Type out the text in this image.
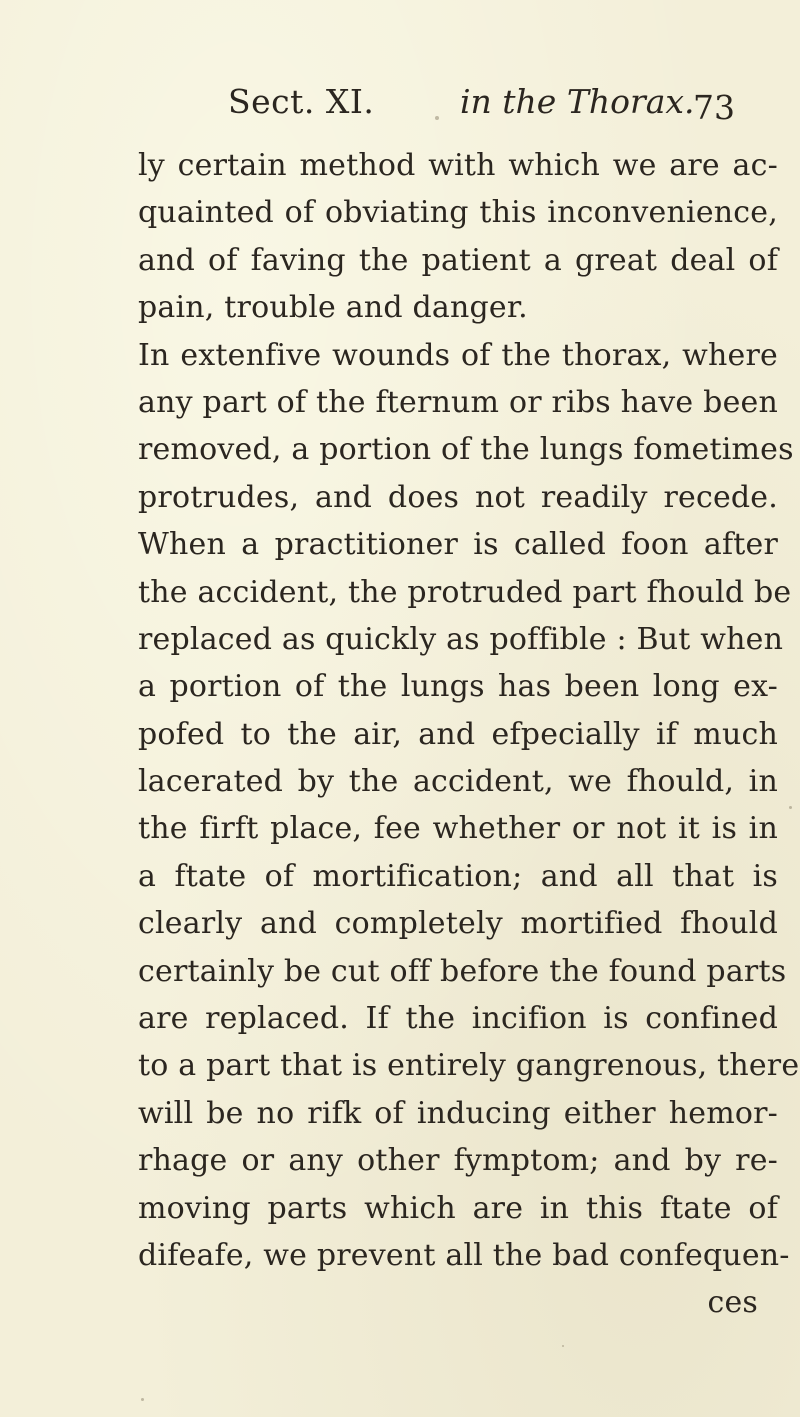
Sect. XI.	in the Thorax.
73
ly certain method with which we are ac-
quainted of obviating this inconvenience,
and of faving the patient a great deal of
pain, trouble and danger.
In extenfive wounds of the thorax, where
any part of the fternum or ribs have been
removed, a portion of the lungs fometimes
protrudes, and does not readily recede.
When a practitioner is called foon after
the accident, the protruded part fhould be
replaced as quickly as poffible : But when
a portion of the lungs has been long ex-
pofed to the air, and efpecially if much
lacerated by the accident, we fhould, in
the firft place, fee whether or not it is in
a ftate of mortification; and all that is
clearly and completely mortified fhould
certainly be cut off before the found parts
are replaced. If the incifion is confined
to a part that is entirely gangrenous, there
will be no rifk of inducing either hemor-
rhage or any other fymptom; and by re-
moving parts which are in this ftate of
difeafe, we prevent all the bad confequen-
ces
